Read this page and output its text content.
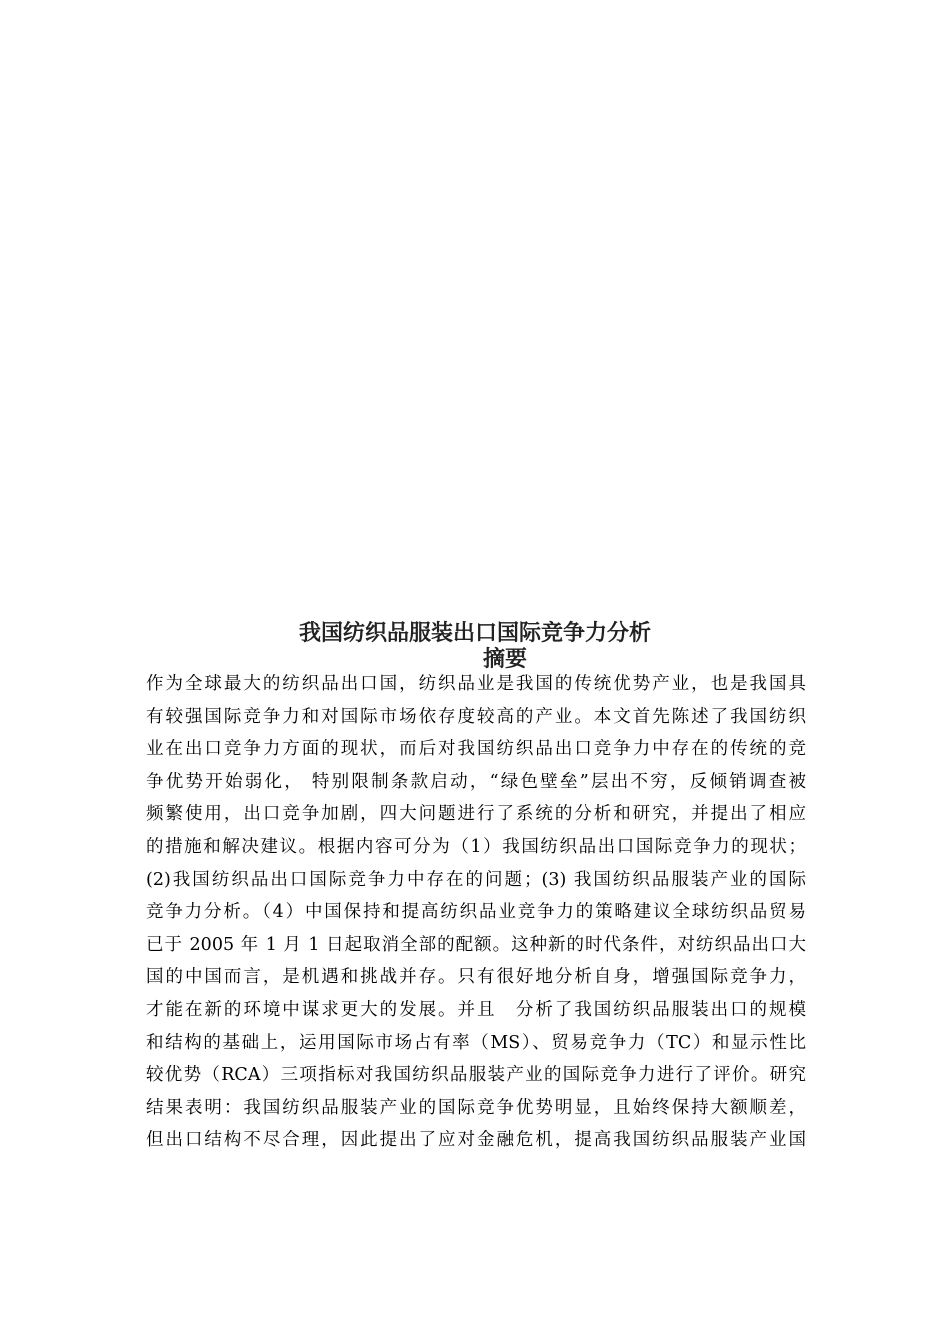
我国纺织品服装出口国际竞争力分析
摘要
作为全球最大的纺织品出口国，纺织品业是我国的传统优势产业，也是我国具
有较强国际竞争力和对国际市场依存度较高的产业。本文首先陈述了我国纺织
业在出口竞争力方面的现状，而后对我国纺织品出口竞争力中存在的传统的竞
争优势开始弱化， 特别限制条款启动，“绿色壁垒”层出不穷，反倾销调查被
频繁使用，出口竞争加剧，四大问题进行了系统的分析和研究，并提出了相应
的措施和解决建议。根据内容可分为（1）我国纺织品出口国际竞争力的现状；
(2)我国纺织品出口国际竞争力中存在的问题；(3) 我国纺织品服装产业的国际
竞争力分析。（4）中国保持和提高纺织品业竞争力的策略建议全球纺织品贸易
已于 2005 年 1 月 1 日起取消全部的配额。这种新的时代条件，对纺织品出口大
国的中国而言，是机遇和挑战并存。只有很好地分析自身，增强国际竞争力，
才能在新的环境中谋求更大的发展。并且　分析了我国纺织品服装出口的规模
和结构的基础上，运用国际市场占有率（MS）、贸易竞争力（TC）和显示性比
较优势（RCA）三项指标对我国纺织品服装产业的国际竞争力进行了评价。研究
结果表明：我国纺织品服装产业的国际竞争优势明显，且始终保持大额顺差，
但出口结构不尽合理，因此提出了应对金融危机，提高我国纺织品服装产业国
